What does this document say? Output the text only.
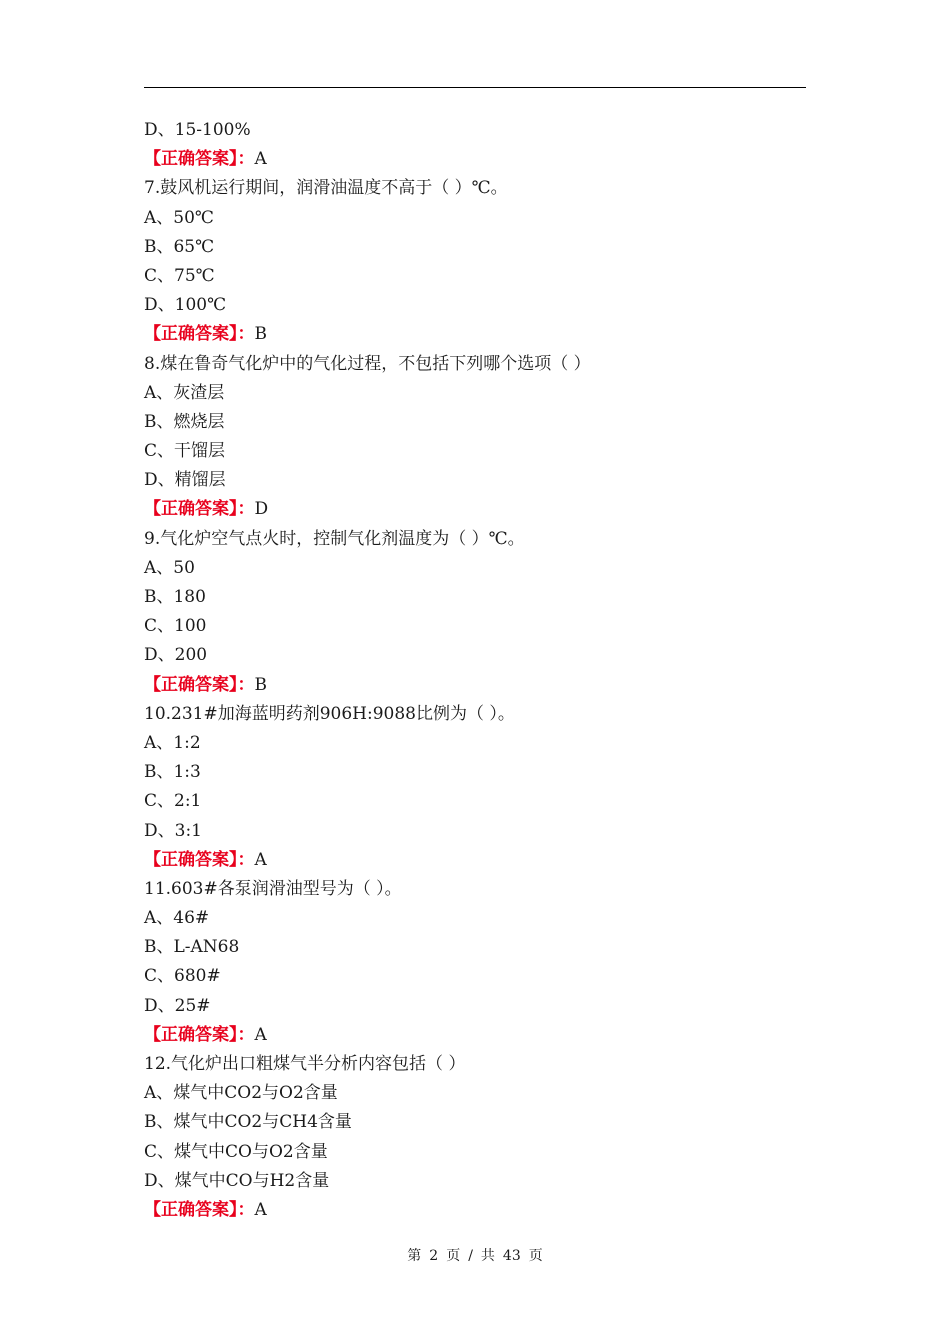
D、15-100%
【正确答案】：A
7.鼓风机运行期间，润滑油温度不高于（ ）℃。
A、50℃
B、65℃
C、75℃
D、100℃
【正确答案】：B
8.煤在鲁奇气化炉中的气化过程，不包括下列哪个选项（ ）
A、灰渣层
B、燃烧层
C、干馏层
D、精馏层
【正确答案】：D
9.气化炉空气点火时，控制气化剂温度为（ ）℃。
A、50
B、180
C、100
D、200
【正确答案】：B
10.231#加海蓝明药剂906H:9088比例为（ ）。
A、1:2
B、1:3
C、2:1
D、3:1
【正确答案】：A
11.603#各泵润滑油型号为（ ）。
A、46#
B、L-AN68
C、680#
D、25#
【正确答案】：A
12.气化炉出口粗煤气半分析内容包括（ ）
A、煤气中CO2与O2含量
B、煤气中CO2与CH4含量
C、煤气中CO与O2含量
D、煤气中CO与H2含量
【正确答案】：A
第 2 页 / 共 43 页
